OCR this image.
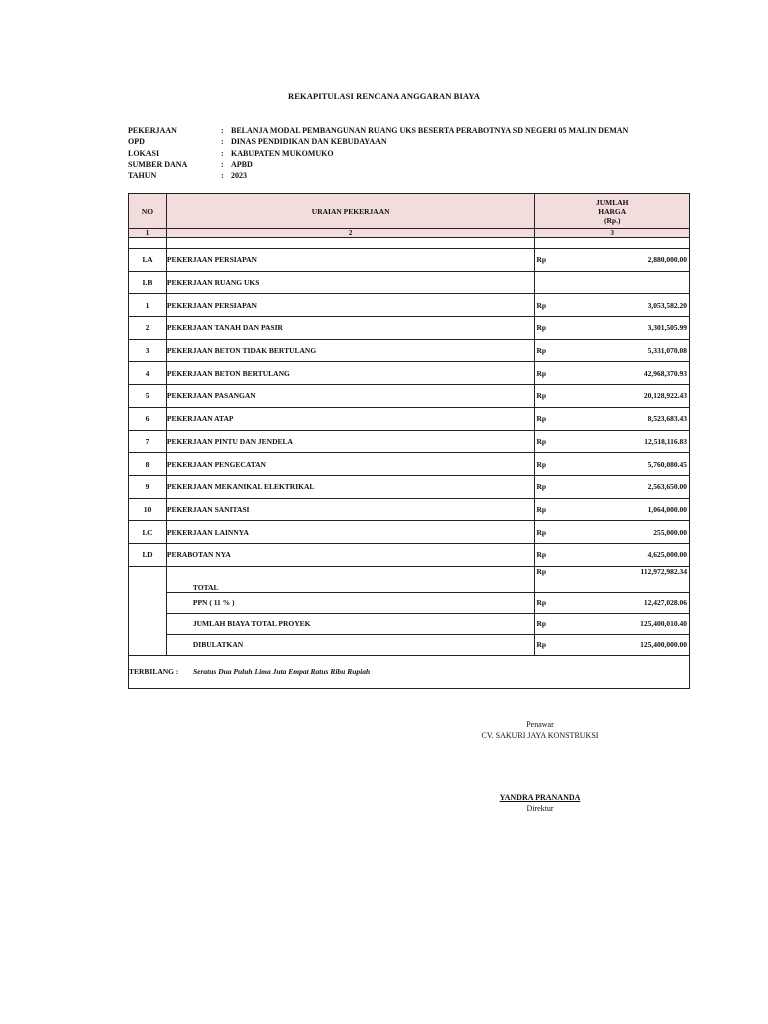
REKAPITULASI RENCANA ANGGARAN BIAYA
PEKERJAAN	: BELANJA MODAL PEMBANGUNAN RUANG UKS BESERTA PERABOTNYA SD NEGERI 05 MALIN DEMAN
OPD	: DINAS PENDIDIKAN DAN KEBUDAYAAN
LOKASI	: KABUPATEN MUKOMUKO
SUMBER DANA	: APBD
TAHUN	: 2023
NO	URAIAN PEKERJAAN	JUMLAH
HARGA
(Rp.)

1	2	3

I.A	PEKERJAAN PERSIAPAN	Rp 2,880,000.00

I.B	PEKERJAAN RUANG UKS	

1	PEKERJAAN PERSIAPAN	Rp 3,053,582.20

2	PEKERJAAN TANAH DAN PASIR	Rp 3,301,505.99

3	PEKERJAAN BETON TIDAK BERTULANG	Rp 5,331,070.08

4	PEKERJAAN BETON BERTULANG	Rp 42,968,370.93

5	PEKERJAAN PASANGAN	Rp 20,128,922.43

6	PEKERJAAN ATAP	Rp 8,523,683.43

7	PEKERJAAN PINTU DAN JENDELA	Rp 12,518,116.83

8	PEKERJAAN PENGECATAN	Rp 5,760,080.45

9	PEKERJAAN MEKANIKAL ELEKTRIKAL	Rp 2,563,650.00

10	PEKERJAAN SANITASI	Rp 1,064,000.00

I.C	PEKERJAAN LAINNYA	Rp 255,000.00

I.D	PERABOTAN NYA	Rp 4,625,000.00

	TOTAL	Rp 112,972,982.34

	PPN ( 11 % )	Rp 12,427,028.06

	JUMLAH BIAYA TOTAL PROYEK	Rp 125,400,010.40

	DIBULATKAN	Rp 125,400,000.00

TERBILANG : Seratus Dua Puluh Lima Juta Empat Ratus Ribu Rupiah		
Penawar
CV. SAKURI JAYA KONSTRUKSI
YANDRA PRANANDA
Direktur
